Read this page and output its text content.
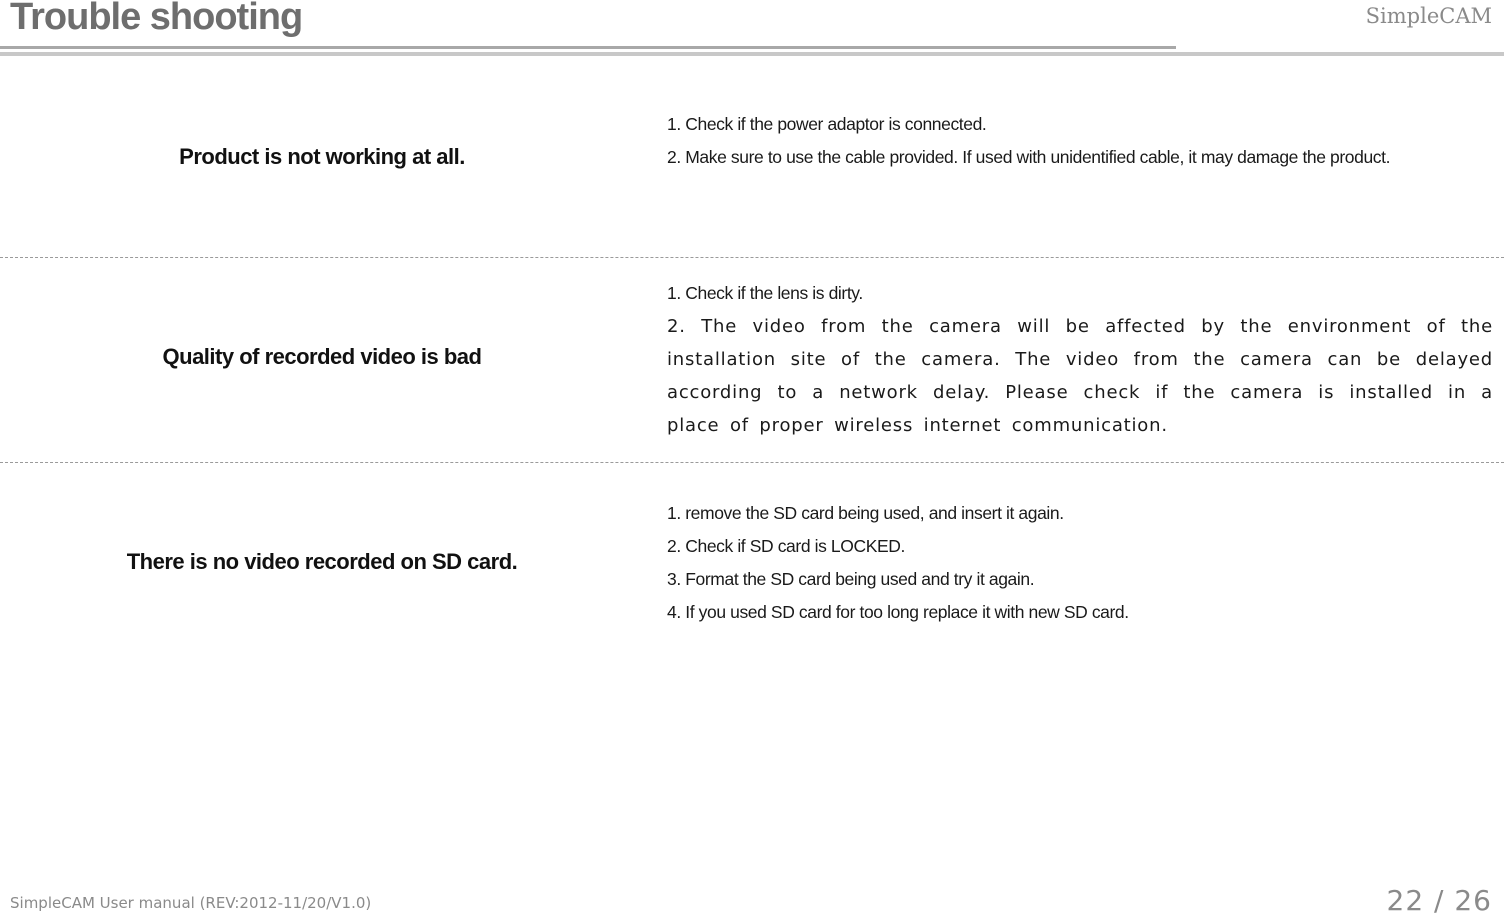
Trouble shooting	SimpleCAM
Product is not working at all.
1. Check if the power adaptor is connected.
2. Make sure to use the cable provided. If used with unidentified cable, it may damage the product.
Quality of recorded video is bad
1. Check if the lens is dirty.
2. The video from the camera will be affected by the environment of the installation site of the camera. The video from the camera can be delayed according to a network delay. Please check if the camera is installed in a place of proper wireless internet communication.
There is no video recorded on SD card.
1. remove the SD card being used, and insert it again.
2. Check if SD card is LOCKED.
3. Format the SD card being used and try it again.
4. If you used SD card for too long replace it with new SD card.
SimpleCAM User manual (REV:2012-11/20/V1.0)	22 / 26
